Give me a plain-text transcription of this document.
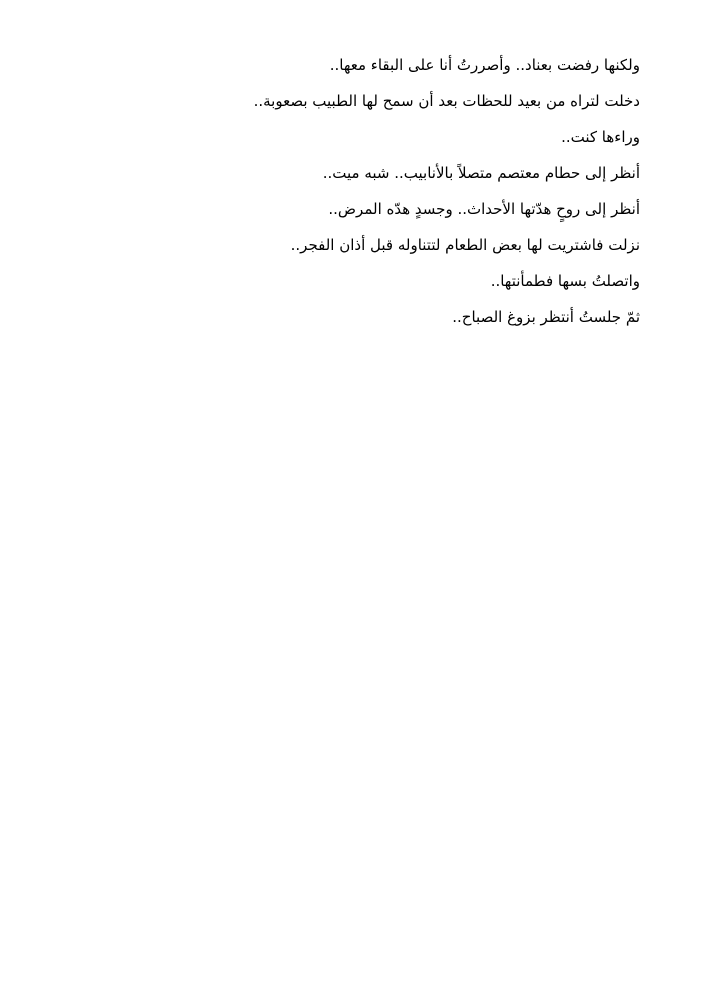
ولكنها رفضت بعناد.. وأصررتُ أنا على البقاء معها..
دخلت لتراه من بعيد للحظات بعد أن سمح لها الطبيب بصعوبة..
وراءها كنت..
أنظر إلى حطام معتصم متصلاً بالأنابيب.. شبه ميت..
أنظر إلى روحٍ هدّتها الأحداث.. وجسدٍ هدّه المرض..
نزلت فاشتريت لها بعض الطعام لتتناوله قبل أذان الفجر..
واتصلتُ بسها فطمأنتها..
ثمّ جلستُ أنتظر بزوغ الصباح..
